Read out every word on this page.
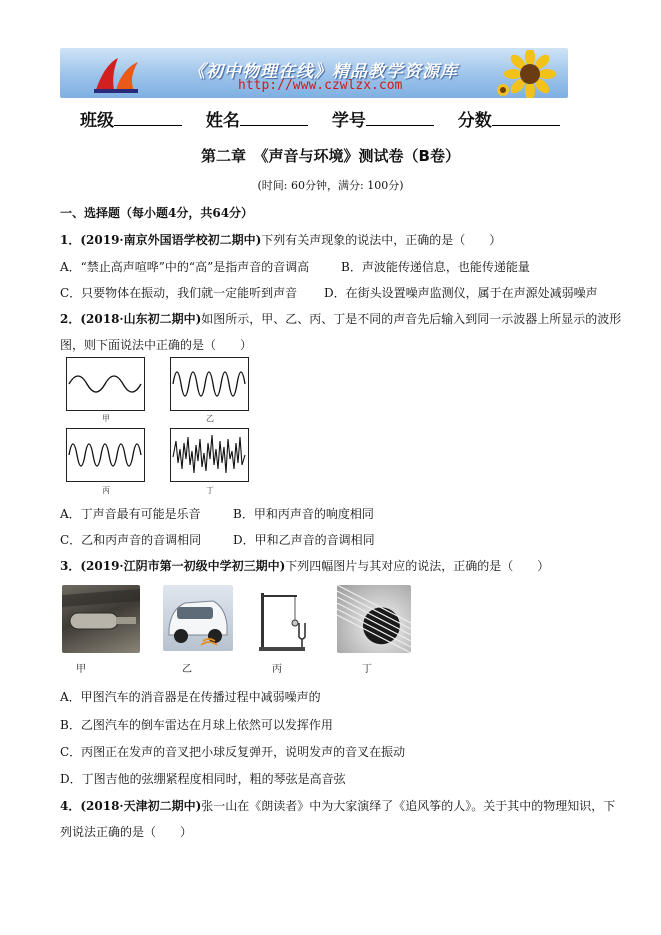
《初中物理在线》精品教学资源库
http://www.czwlzx.com
班级	姓名	学号	分数
第二章　《声音与环境》测试卷（B卷）
(时间: 60分钟，满分: 100分)
一、选择题（每小题4分，共64分）
1．(2019·南京外国语学校初二期中)下列有关声现象的说法中，正确的是（　　）
A．“禁止高声喧哗”中的“高”是指声音的音调高	B．声波能传递信息，也能传递能量
C．只要物体在振动，我们就一定能听到声音 D．在街头设置噪声监测仪，属于在声源处减弱噪声
2．(2018·山东初二期中)如图所示，甲、乙、丙、丁是不同的声音先后输入到同一示波器上所显示的波形
图，则下面说法中正确的是（　　）
甲	乙
丙	丁
A．丁声音最有可能是乐音	B．甲和丙声音的响度相同
C．乙和丙声音的音调相同	D．甲和乙声音的音调相同
3．(2019·江阴市第一初级中学初三期中)下列四幅图片与其对应的说法，正确的是（　　）
甲	乙	丙	丁
A．甲图汽车的消音器是在传播过程中减弱噪声的
B．乙图汽车的倒车雷达在月球上依然可以发挥作用
C．丙图正在发声的音叉把小球反复弹开，说明发声的音叉在振动
D．丁图吉他的弦绷紧程度相同时，粗的琴弦是高音弦
4．(2018·天津初二期中)张一山在《朗读者》中为大家演绎了《追风筝的人》。关于其中的物理知识，下
列说法正确的是（　　）
